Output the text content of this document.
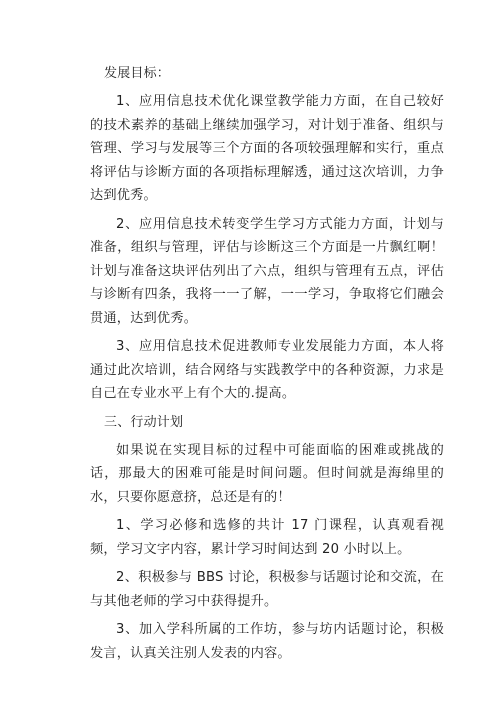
发展目标：

1、应用信息技术优化课堂教学能力方面，在自己较好的技术素养的基础上继续加强学习，对计划于准备、组织与管理、学习与发展等三个方面的各项较强理解和实行，重点将评估与诊断方面的各项指标理解透，通过这次培训，力争达到优秀。

2、应用信息技术转变学生学习方式能力方面，计划与准备，组织与管理，评估与诊断这三个方面是一片飘红啊！计划与准备这块评估列出了六点，组织与管理有五点，评估与诊断有四条，我将一一了解，一一学习，争取将它们融会贯通，达到优秀。

3、应用信息技术促进教师专业发展能力方面，本人将通过此次培训，结合网络与实践教学中的各种资源，力求是自己在专业水平上有个大的.提高。

三、行动计划

如果说在实现目标的过程中可能面临的困难或挑战的话，那最大的困难可能是时间问题。但时间就是海绵里的水，只要你愿意挤，总还是有的！

1、学习必修和选修的共计 17 门课程，认真观看视频，学习文字内容，累计学习时间达到 20 小时以上。

2、积极参与 BBS 讨论，积极参与话题讨论和交流，在与其他老师的学习中获得提升。

3、加入学科所属的工作坊，参与坊内话题讨论，积极发言，认真关注别人发表的内容。
